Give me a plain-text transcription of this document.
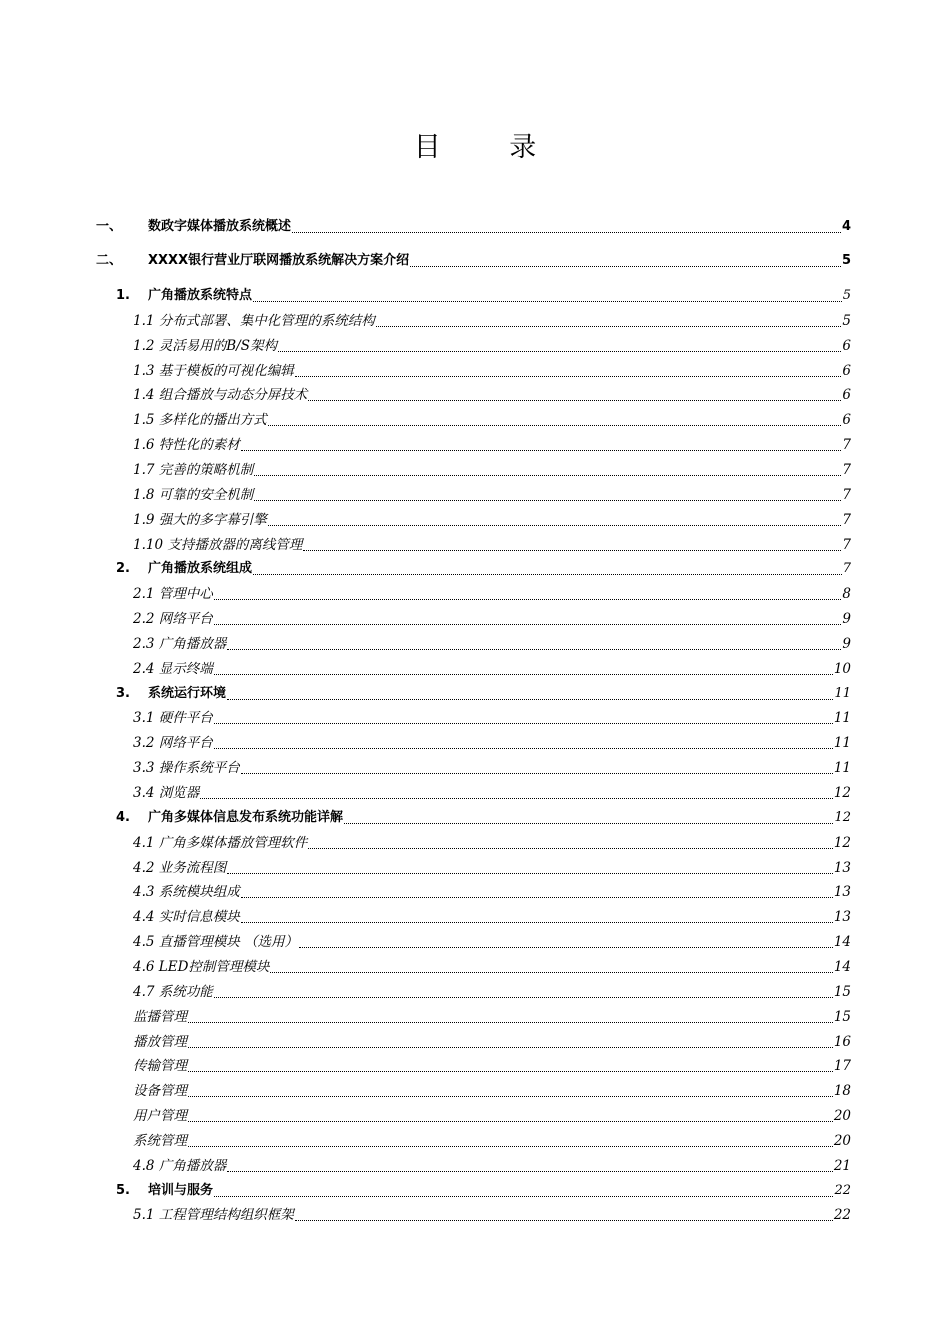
目 录
一、	数政字媒体播放系统概述	4
二、	XXXX银行营业厅联网播放系统解决方案介绍	5
1.	广角播放系统特点	5
1.1 分布式部署、集中化管理的系统结构	5
1.2 灵活易用的B/S架构	6
1.3 基于模板的可视化编辑	6
1.4 组合播放与动态分屏技术	6
1.5 多样化的播出方式	6
1.6 特性化的素材	7
1.7 完善的策略机制	7
1.8 可靠的安全机制	7
1.9 强大的多字幕引擎	7
1.10 支持播放器的离线管理	7
2.	广角播放系统组成	7
2.1 管理中心	8
2.2 网络平台	9
2.3 广角播放器	9
2.4 显示终端	10
3.	系统运行环境	11
3.1 硬件平台	11
3.2 网络平台	11
3.3 操作系统平台	11
3.4 浏览器	12
4.	广角多媒体信息发布系统功能详解	12
4.1 广角多媒体播放管理软件	12
4.2 业务流程图	13
4.3 系统模块组成	13
4.4 实时信息模块	13
4.5 直播管理模块 （选用）	14
4.6 LED控制管理模块	14
4.7 系统功能	15
监播管理	15
播放管理	16
传输管理	17
设备管理	18
用户管理	20
系统管理	20
4.8 广角播放器	21
5.	培训与服务	22
5.1 工程管理结构组织框架	22
